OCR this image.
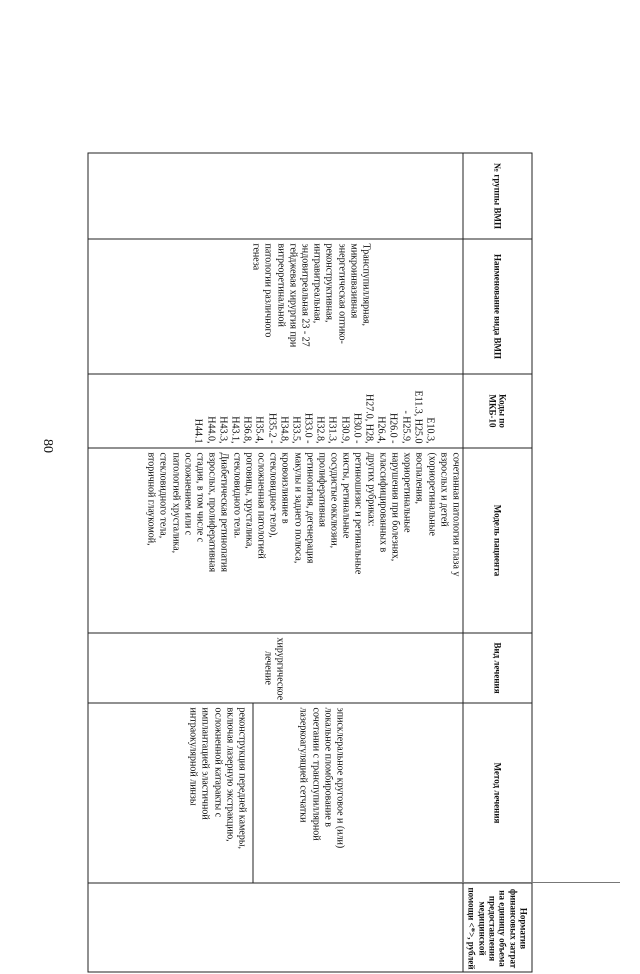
80
№ группы ВМП
Наименование вида ВМП
Коды по МКБ-10
Модель пациента
Вид лечения
Метод лечения
Норматив финансовых затрат на единицу объема предоставления медицинской помощи <*>, рублей
Транспупиллярная,
микроинвазивная
энергетическая оптико-
реконструктивная,
интравитреальная,
эндовитреальная 23 - 27
гейджевая хирургия при
витреоретинальной
патологии различного
генеза
E10.3,
E11.3, H25.0
- H25.9,
H26.0 -
H26.4,
H27.0, H28,
H30.0 -
H30.9,
H31.3,
H32.8,
H33.0 -
H33.5,
H34.8,
H35.2 -
H35.4,
H36.8,
H43.1,
H43.3,
H44.0,
H44.1
сочетанная патология глаза у
взрослых и детей
(хориоретинальные
воспаления,
хориоретинальные
нарушения при болезнях,
классифицированных в
других рубриках:
ретиношизис и ретинальные
кисты, ретинальные
сосудистые окклюзии,
пролиферативная
ретинопатия, дегенерация
макулы и заднего полюса,
кровоизлияние в
стекловидное тело),
осложненная патологией
роговицы, хрусталика,
стекловидного тела.
Диабетическая ретинопатия
взрослых, пролиферативная
стадия, в том числе с
осложнением или с
патологией хрусталика,
стекловидного тела,
вторичной глаукомой,
хирургическое
лечение
эписклеральное круговое и (или)
локальное пломбирование в
сочетании с транспупиллярной
лазеркоагуляцией сетчатки
реконструкция передней камеры,
включая лазерную экстракцию,
осложненной катаракты с
имплантацией эластичной
интраокулярной линзы
